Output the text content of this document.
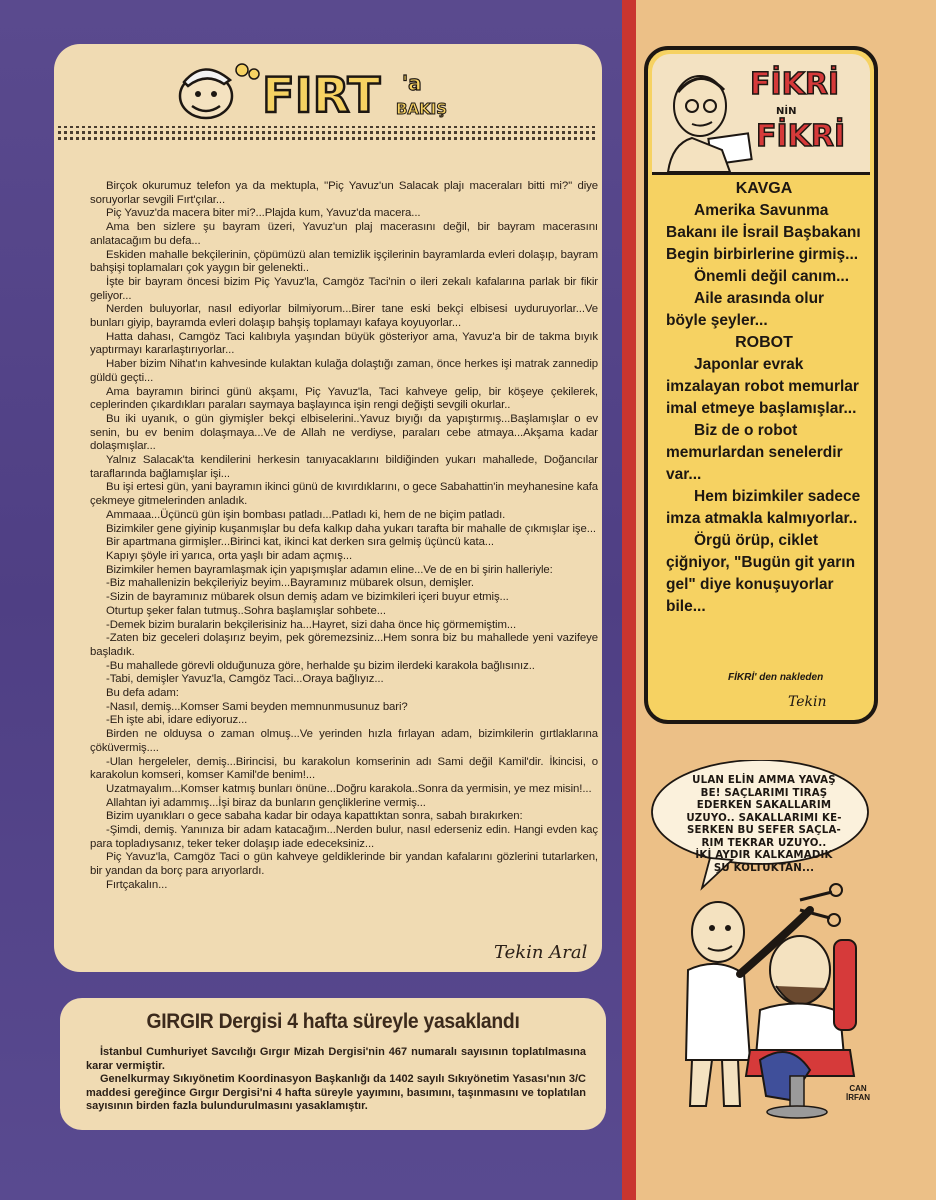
FIRT 'a
BAKIŞ

Birçok okurumuz telefon ya da mektupla, ''Piç Yavuz'un Salacak plajı maceraları bitti mi?'' diye soruyorlar sevgili Fırt'çılar...

Piç Yavuz'da macera biter mi?...Plajda kum, Yavuz'da macera...

Ama ben sizlere şu bayram üzeri, Yavuz'un plaj macerasını değil, bir bayram macerasını anlatacağım bu defa...

Eskiden mahalle bekçilerinin, çöpümüzü alan temizlik işçilerinin bayramlarda evleri dolaşıp, bayram bahşişi toplamaları çok yaygın bir gelenekti..

İşte bir bayram öncesi bizim Piç Yavuz'la, Camgöz Taci'nin o ileri zekalı kafalarına parlak bir fikir geliyor...

Nerden buluyorlar, nasıl ediyorlar bilmiyorum...Birer tane eski bekçi elbisesi uyduruyorlar...Ve bunları giyip, bayramda evleri dolaşıp bahşiş toplamayı kafaya koyuyorlar...

Hatta dahası, Camgöz Taci kalıbıyla yaşından büyük gösteriyor ama, Yavuz'a bir de takma bıyık yaptırmayı kararlaştırıyorlar...

Haber bizim Nihat'ın kahvesinde kulaktan kulağa dolaştığı zaman, önce herkes işi matrak zannedip güldü geçti...

Ama bayramın birinci günü akşamı, Piç Yavuz'la, Taci kahveye gelip, bir köşeye çekilerek, ceplerinden çıkardıkları paraları saymaya başlayınca işin rengi değişti sevgili okurlar..

Bu iki uyanık, o gün giymişler bekçi elbiselerini..Yavuz bıyığı da yapıştırmış...Başlamışlar o ev senin, bu ev benim dolaşmaya...Ve de Allah ne verdiyse, paraları cebe atmaya...Akşama kadar dolaşmışlar...

Yalnız Salacak'ta kendilerini herkesin tanıyacaklarını bildiğinden yukarı mahallede, Doğancılar taraflarında bağlamışlar işi...

Bu işi ertesi gün, yani bayramın ikinci günü de kıvırdıklarını, o gece Sabahattin'in meyhanesine kafa çekmeye gitmelerinden anladık.

Ammaaa...Üçüncü gün işin bombası patladı...Patladı ki, hem de ne biçim patladı.

Bizimkiler gene giyinip kuşanmışlar bu defa kalkıp daha yukarı tarafta bir mahalle de çıkmışlar işe...

Bir apartmana girmişler...Birinci kat, ikinci kat derken sıra gelmiş üçüncü kata...

Kapıyı şöyle iri yarıca, orta yaşlı bir adam açmış...

Bizimkiler hemen bayramlaşmak için yapışmışlar adamın eline...Ve de en bi şirin halleriyle:

-Biz mahallenizin bekçileriyiz beyim...Bayramınız mübarek olsun, demişler.

-Sizin de bayramınız mübarek olsun demiş adam ve bizimkileri içeri buyur etmiş...

Oturtup şeker falan tutmuş..Sohra başlamışlar sohbete...

-Demek bizim buralarin bekçilerisiniz ha...Hayret, sizi daha önce hiç görmemiştim...

-Zaten biz geceleri dolaşırız beyim, pek göremezsiniz...Hem sonra biz bu mahallede yeni vazifeye başladık.

-Bu mahallede görevli olduğunuza göre, herhalde şu bizim ilerdeki karakola bağlısınız..

-Tabi, demişler Yavuz'la, Camgöz Taci...Oraya bağlıyız...

Bu defa adam:

-Nasıl, demiş...Komser Sami beyden memnunmusunuz bari?

-Eh işte abi, idare ediyoruz...

Birden ne olduysa o zaman olmuş...Ve yerinden hızla fırlayan adam, bizimkilerin gırtlaklarına çöküvermiş....

-Ulan hergeleler, demiş...Birincisi, bu karakolun komserinin adı Sami değil Kamil'dir. İkincisi, o karakolun komseri, komser Kamil'de benim!...

Uzatmayalım...Komser katmış bunları önüne...Doğru karakola..Sonra da yermisin, ye mez misin!...

Allahtan iyi adammış...İşi biraz da bunların gençliklerine vermiş...

Bizim uyanıkları o gece sabaha kadar bir odaya kapattıktan sonra, sabah bırakırken:

-Şimdi, demiş. Yanınıza bir adam katacağım...Nerden bulur, nasıl ederseniz edin. Hangi evden kaç para topladıysanız, teker teker dolaşıp iade edeceksiniz...

Piç Yavuz'la, Camgöz Taci o gün kahveye geldiklerinde bir yandan kafalarını gözlerini tutarlarken, bir yandan da borç para arıyorlardı.

Fırtçakalın...

Tekin Aral
GIRGIR Dergisi 4 hafta süreyle yasaklandı

İstanbul Cumhuriyet Savcılığı Gırgır Mizah Dergisi'nin 467 numaralı sayısının toplatılmasına karar vermiştir.

Genelkurmay Sıkıyönetim Koordinasyon Başkanlığı da 1402 sayılı Sıkıyönetim Yasası'nın 3/C maddesi gereğince Gırgır Dergisi'ni 4 hafta süreyle yayımını, basımını, taşınmasını ve toplatılan sayısının birden fazla bulundurulmasını yasaklamıştır.

FİKRİ
NİN
FİKRİ

KAVGA

Amerika Savunma Bakanı ile İsrail Başbakanı Begin birbirlerine girmiş...

Önemli değil canım...

Aile arasında olur böyle şeyler...

ROBOT

Japonlar evrak imzalayan robot memurlar imal etmeye başlamışlar...

Biz de o robot memurlardan senelerdir var...

Hem bizimkiler sadece imza atmakla kalmıyorlar..

Örgü örüp, ciklet çiğniyor, "Bugün git yarın gel" diye konuşuyorlar bile...

FİKRİ' den nakleden
Tekin
ULAN ELİN AMMA YAVAŞ
BE! SAÇLARIMI TIRAŞ
EDERKEN SAKALLARIM
UZUYO.. SAKALLARIMI KE-
SERKEN BU SEFER SAÇLA-
RIM TEKRAR UZUYO..
İKİ AYDIR KALKAMADIK
ŞU KOLTUKTAN...
CAN İRFAN
